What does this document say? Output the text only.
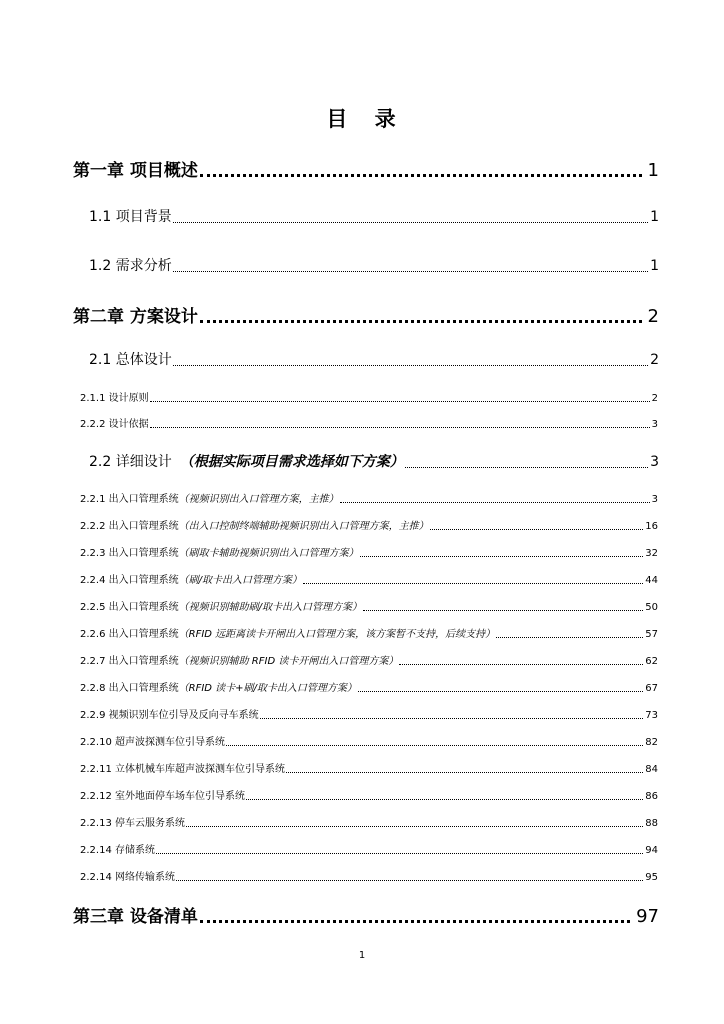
目 录
第一章 项目概述	1
1.1 项目背景	1
1.2 需求分析	1
第二章 方案设计	2
2.1 总体设计	2
2.1.1 设计原则	2
2.2.2 设计依据	3
2.2 详细设计 （根据实际项目需求选择如下方案）	3
2.2.1 出入口管理系统（视频识别出入口管理方案，主推）	3
2.2.2 出入口管理系统（出入口控制终端辅助视频识别出入口管理方案，主推）	16
2.2.3 出入口管理系统（刷取卡辅助视频识别出入口管理方案）	32
2.2.4 出入口管理系统（刷/取卡出入口管理方案）	44
2.2.5 出入口管理系统（视频识别辅助刷/取卡出入口管理方案）	50
2.2.6 出入口管理系统（RFID 远距离读卡开闸出入口管理方案，该方案暂不支持，后续支持）	57
2.2.7 出入口管理系统（视频识别辅助 RFID 读卡开闸出入口管理方案）	62
2.2.8 出入口管理系统（RFID 读卡+刷/取卡出入口管理方案）	67
2.2.9 视频识别车位引导及反向寻车系统	73
2.2.10 超声波探测车位引导系统	82
2.2.11 立体机械车库超声波探测车位引导系统	84
2.2.12 室外地面停车场车位引导系统	86
2.2.13 停车云服务系统	88
2.2.14 存储系统	94
2.2.14 网络传输系统	95
第三章 设备清单	97
1
